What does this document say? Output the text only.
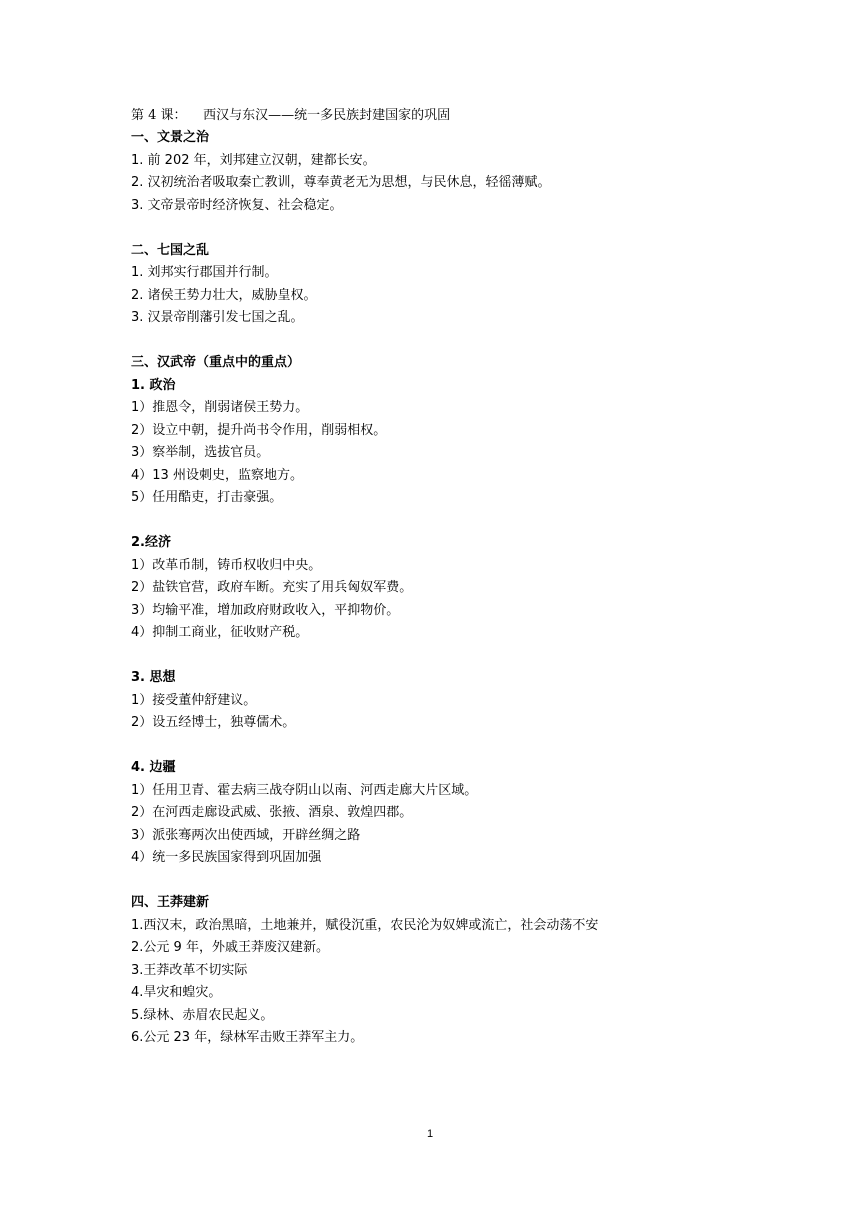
第 4 课：    西汉与东汉——统一多民族封建国家的巩固
一、文景之治
1. 前 202 年，刘邦建立汉朝，建都长安。
2. 汉初统治者吸取秦亡教训，尊奉黄老无为思想，与民休息，轻徭薄赋。
3. 文帝景帝时经济恢复、社会稳定。
二、七国之乱
1. 刘邦实行郡国并行制。
2. 诸侯王势力壮大，威胁皇权。
3. 汉景帝削藩引发七国之乱。
三、汉武帝（重点中的重点）
1. 政治
1）推恩令，削弱诸侯王势力。
2）设立中朝，提升尚书令作用，削弱相权。
3）察举制，选拔官员。
4）13 州设刺史，监察地方。
5）任用酷吏，打击豪强。
2.经济
1）改革币制，铸币权收归中央。
2）盐铁官营，政府车断。充实了用兵匈奴军费。
3）均输平准，增加政府财政收入，平抑物价。
4）抑制工商业，征收财产税。
3. 思想
1）接受董仲舒建议。
2）设五经博士，独尊儒术。
4. 边疆
1）任用卫青、霍去病三战夺阴山以南、河西走廊大片区域。
2）在河西走廊设武威、张掖、酒泉、敦煌四郡。
3）派张骞两次出使西域，开辟丝绸之路
4）统一多民族国家得到巩固加强
四、王莽建新
1.西汉末，政治黑暗，土地兼并，赋役沉重，农民沦为奴婢或流亡，社会动荡不安
2.公元 9 年，外戚王莽废汉建新。
3.王莽改革不切实际
4.旱灾和蝗灾。
5.绿林、赤眉农民起义。
6.公元 23 年，绿林军击败王莽军主力。
1
